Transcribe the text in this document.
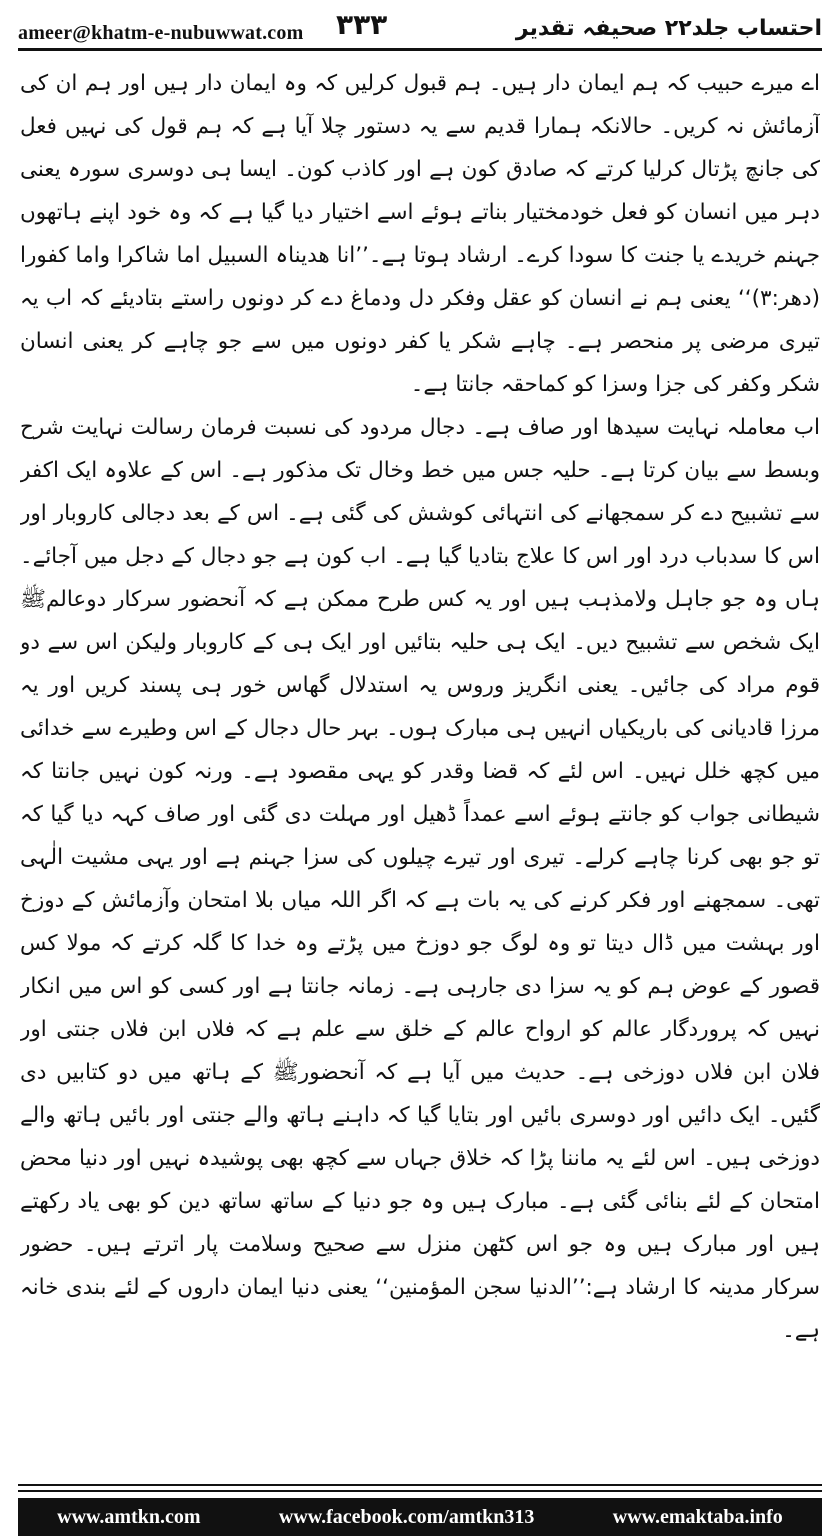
ameer@khatm-e-nubuwwat.com ۳۳۳	احتساب جلد۲۲ صحیفہ تقدیر

اے میرے حبیب کہ ہم ایمان دار ہیں۔ ہم قبول کرلیں کہ وہ ایمان دار ہیں اور ہم ان کی آزمائش نہ کریں۔ حالانکہ ہمارا قدیم سے یہ دستور چلا آیا ہے کہ ہم قول کی نہیں فعل کی جانچ پڑتال کرلیا کرتے کہ صادق کون ہے اور کاذب کون۔ ایسا ہی دوسری سورہ یعنی دہر میں انسان کو فعل خودمختیار بناتے ہوئے اسے اختیار دیا گیا ہے کہ وہ خود اپنے ہاتھوں جہنم خریدے یا جنت کا سودا کرے۔ ارشاد ہوتا ہے۔’’انا ھدیناہ السبیل اما شاکرا واما کفورا (دھر:۳)‘‘ یعنی ہم نے انسان کو عقل وفکر دل ودماغ دے کر دونوں راستے بتادیئے کہ اب یہ تیری مرضی پر منحصر ہے۔ چاہے شکر یا کفر دونوں میں سے جو چاہے کر یعنی انسان شکر وکفر کی جزا وسزا کو کماحقہ جانتا ہے۔

اب معاملہ نہایت سیدھا اور صاف ہے۔ دجال مردود کی نسبت فرمان رسالت نہایت شرح وبسط سے بیان کرتا ہے۔ حلیہ جس میں خط وخال تک مذکور ہے۔ اس کے علاوہ ایک اکفر سے تشبیح دے کر سمجھانے کی انتہائی کوشش کی گئی ہے۔ اس کے بعد دجالی کاروبار اور اس کا سدباب درد اور اس کا علاج بتادیا گیا ہے۔ اب کون ہے جو دجال کے دجل میں آجائے۔ ہاں وہ جو جاہل ولامذہب ہیں اور یہ کس طرح ممکن ہے کہ آنحضور سرکار دوعالمﷺ ایک شخص سے تشبیح دیں۔ ایک ہی حلیہ بتائیں اور ایک ہی کے کاروبار ولیکن اس سے دو قوم مراد کی جائیں۔ یعنی انگریز وروس یہ استدلال گھاس خور ہی پسند کریں اور یہ مرزا قادیانی کی باریکیاں انہیں ہی مبارک ہوں۔ بہر حال دجال کے اس وطیرے سے خدائی میں کچھ خلل نہیں۔ اس لئے کہ قضا وقدر کو یہی مقصود ہے۔ ورنہ کون نہیں جانتا کہ شیطانی جواب کو جانتے ہوئے اسے عمداً ڈھیل اور مہلت دی گئی اور صاف کہہ دیا گیا کہ تو جو بھی کرنا چاہے کرلے۔ تیری اور تیرے چیلوں کی سزا جہنم ہے اور یہی مشیت الٰہی تھی۔ سمجھنے اور فکر کرنے کی یہ بات ہے کہ اگر اللہ میاں بلا امتحان وآزمائش کے دوزخ اور بہشت میں ڈال دیتا تو وہ لوگ جو دوزخ میں پڑتے وہ خدا کا گلہ کرتے کہ مولا کس قصور کے عوض ہم کو یہ سزا دی جارہی ہے۔ زمانہ جانتا ہے اور کسی کو اس میں انکار نہیں کہ پروردگار عالم کو ارواح عالم کے خلق سے علم ہے کہ فلاں ابن فلاں جنتی اور فلان ابن فلاں دوزخی ہے۔ حدیث میں آیا ہے کہ آنحضورﷺ کے ہاتھ میں دو کتابیں دی گئیں۔ ایک دائیں اور دوسری بائیں اور بتایا گیا کہ داہنے ہاتھ والے جنتی اور بائیں ہاتھ والے دوزخی ہیں۔ اس لئے یہ ماننا پڑا کہ خلاق جہاں سے کچھ بھی پوشیدہ نہیں اور دنیا محض امتحان کے لئے بنائی گئی ہے۔ مبارک ہیں وہ جو دنیا کے ساتھ ساتھ دین کو بھی یاد رکھتے ہیں اور مبارک ہیں وہ جو اس کٹھن منزل سے صحیح وسلامت پار اترتے ہیں۔ حضور سرکار مدینہ کا ارشاد ہے:’’الدنیا سجن المؤمنین‘‘ یعنی دنیا ایمان داروں کے لئے بندی خانہ ہے۔

www.amtkn.com	www.facebook.com/amtkn313	www.emaktaba.info
